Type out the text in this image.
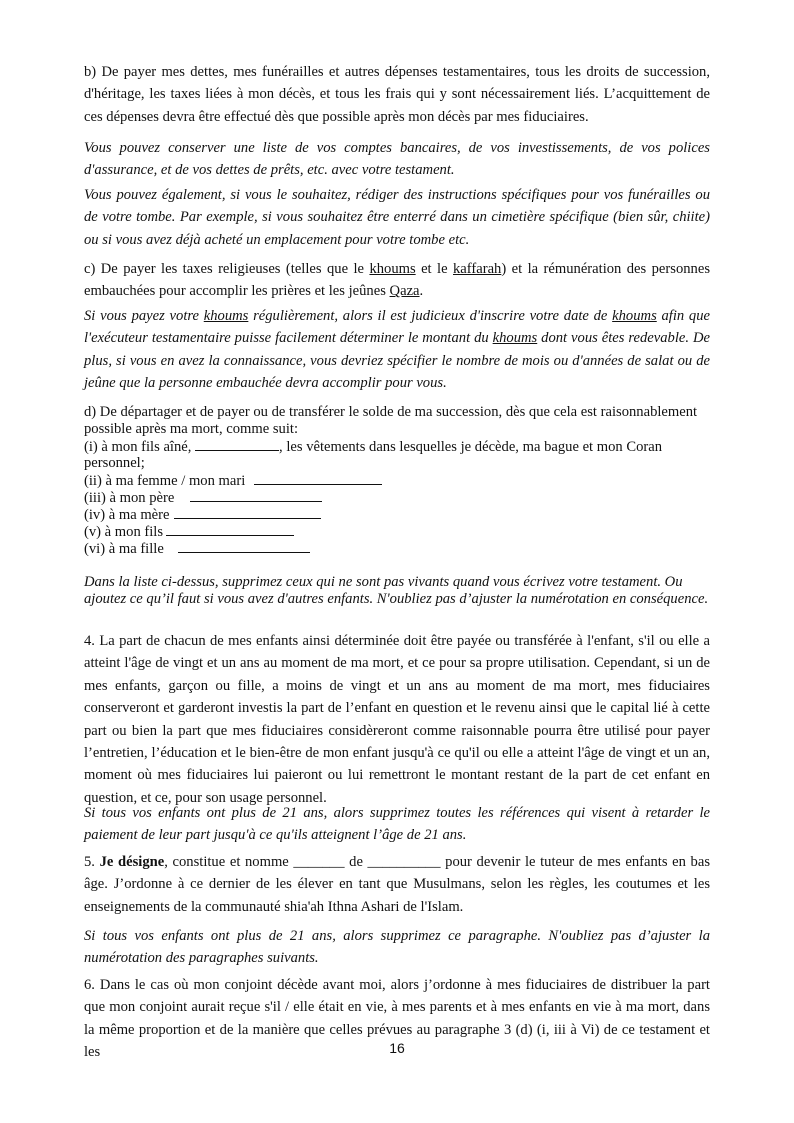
b) De payer mes dettes, mes funérailles et autres dépenses testamentaires, tous les droits de succession, d'héritage, les taxes liées à mon décès, et tous les frais qui y sont nécessairement liés. L’acquittement de ces dépenses devra être effectué dès que possible après mon décès par mes fiduciaires.

Vous pouvez conserver une liste de vos comptes bancaires, de vos investissements, de vos polices d'assurance, et de vos dettes de prêts, etc. avec votre testament.

Vous pouvez également, si vous le souhaitez, rédiger des instructions spécifiques pour vos funérailles ou de votre tombe. Par exemple, si vous souhaitez être enterré dans un cimetière spécifique (bien sûr, chiite) ou si vous avez déjà acheté un emplacement pour votre tombe etc.

c) De payer les taxes religieuses (telles que le khoums et le kaffarah) et la rémunération des personnes embauchées pour accomplir les prières et les jeûnes Qaza.

Si vous payez votre khoums régulièrement, alors il est judicieux d'inscrire votre date de khoums afin que l'exécuteur testamentaire puisse facilement déterminer le montant du khoums dont vous êtes redevable. De plus, si vous en avez la connaissance, vous devriez spécifier le nombre de mois ou d'années de salat ou de jeûne que la personne embauchée devra accomplir pour vous.

d) De départager et de payer ou de transférer le solde de ma succession, dès que cela est raisonnablement possible après ma mort, comme suit:

(i) à mon fils aîné,	, les vêtements dans lesquelles je décède, ma bague et mon Coran
personnel;
(ii) à ma femme / mon mari
(iii) à mon père
(iv) à ma mère
(v) à mon fils
(vi) à ma fille

Dans la liste ci-dessus, supprimez ceux qui ne sont pas vivants quand vous écrivez votre testament. Ou ajoutez ce qu’il faut si vous avez d'autres enfants. N'oubliez pas d’ajuster la numérotation en conséquence.

4. La part de chacun de mes enfants ainsi déterminée doit être payée ou transférée à l'enfant, s'il ou elle a atteint l'âge de vingt et un ans au moment de ma mort, et ce pour sa propre utilisation. Cependant, si un de mes enfants, garçon ou fille, a moins de vingt et un ans au moment de ma mort, mes fiduciaires conserveront et garderont investis la part de l’enfant en question et le revenu ainsi que le capital lié à cette part ou bien la part que mes fiduciaires considèreront comme raisonnable pourra être utilisé pour payer l’entretien, l’éducation et le bien-être de mon enfant jusqu'à ce qu'il ou elle a atteint l'âge de vingt et un an, moment où mes fiduciaires lui paieront ou lui remettront le montant restant de la part de cet enfant en question, et ce, pour son usage personnel.

Si tous vos enfants ont plus de 21 ans, alors supprimez toutes les références qui visent à retarder le paiement de leur part jusqu'à ce qu'ils atteignent l’âge de 21 ans.

5. Je désigne, constitue et nomme _______ de __________ pour devenir le tuteur de mes enfants en bas âge. J’ordonne à ce dernier de les élever en tant que Musulmans, selon les règles, les coutumes et les enseignements de la communauté shia'ah Ithna Ashari de l'Islam.

Si tous vos enfants ont plus de 21 ans, alors supprimez ce paragraphe. N'oubliez pas d’ajuster la numérotation des paragraphes suivants.

6. Dans le cas où mon conjoint décède avant moi, alors j’ordonne à mes fiduciaires de distribuer la part que mon conjoint aurait reçue s'il / elle était en vie, à mes parents et à mes enfants en vie à ma mort, dans la même proportion et de la manière que celles prévues au paragraphe 3 (d) (i, iii à Vi) de ce testament et les	16
